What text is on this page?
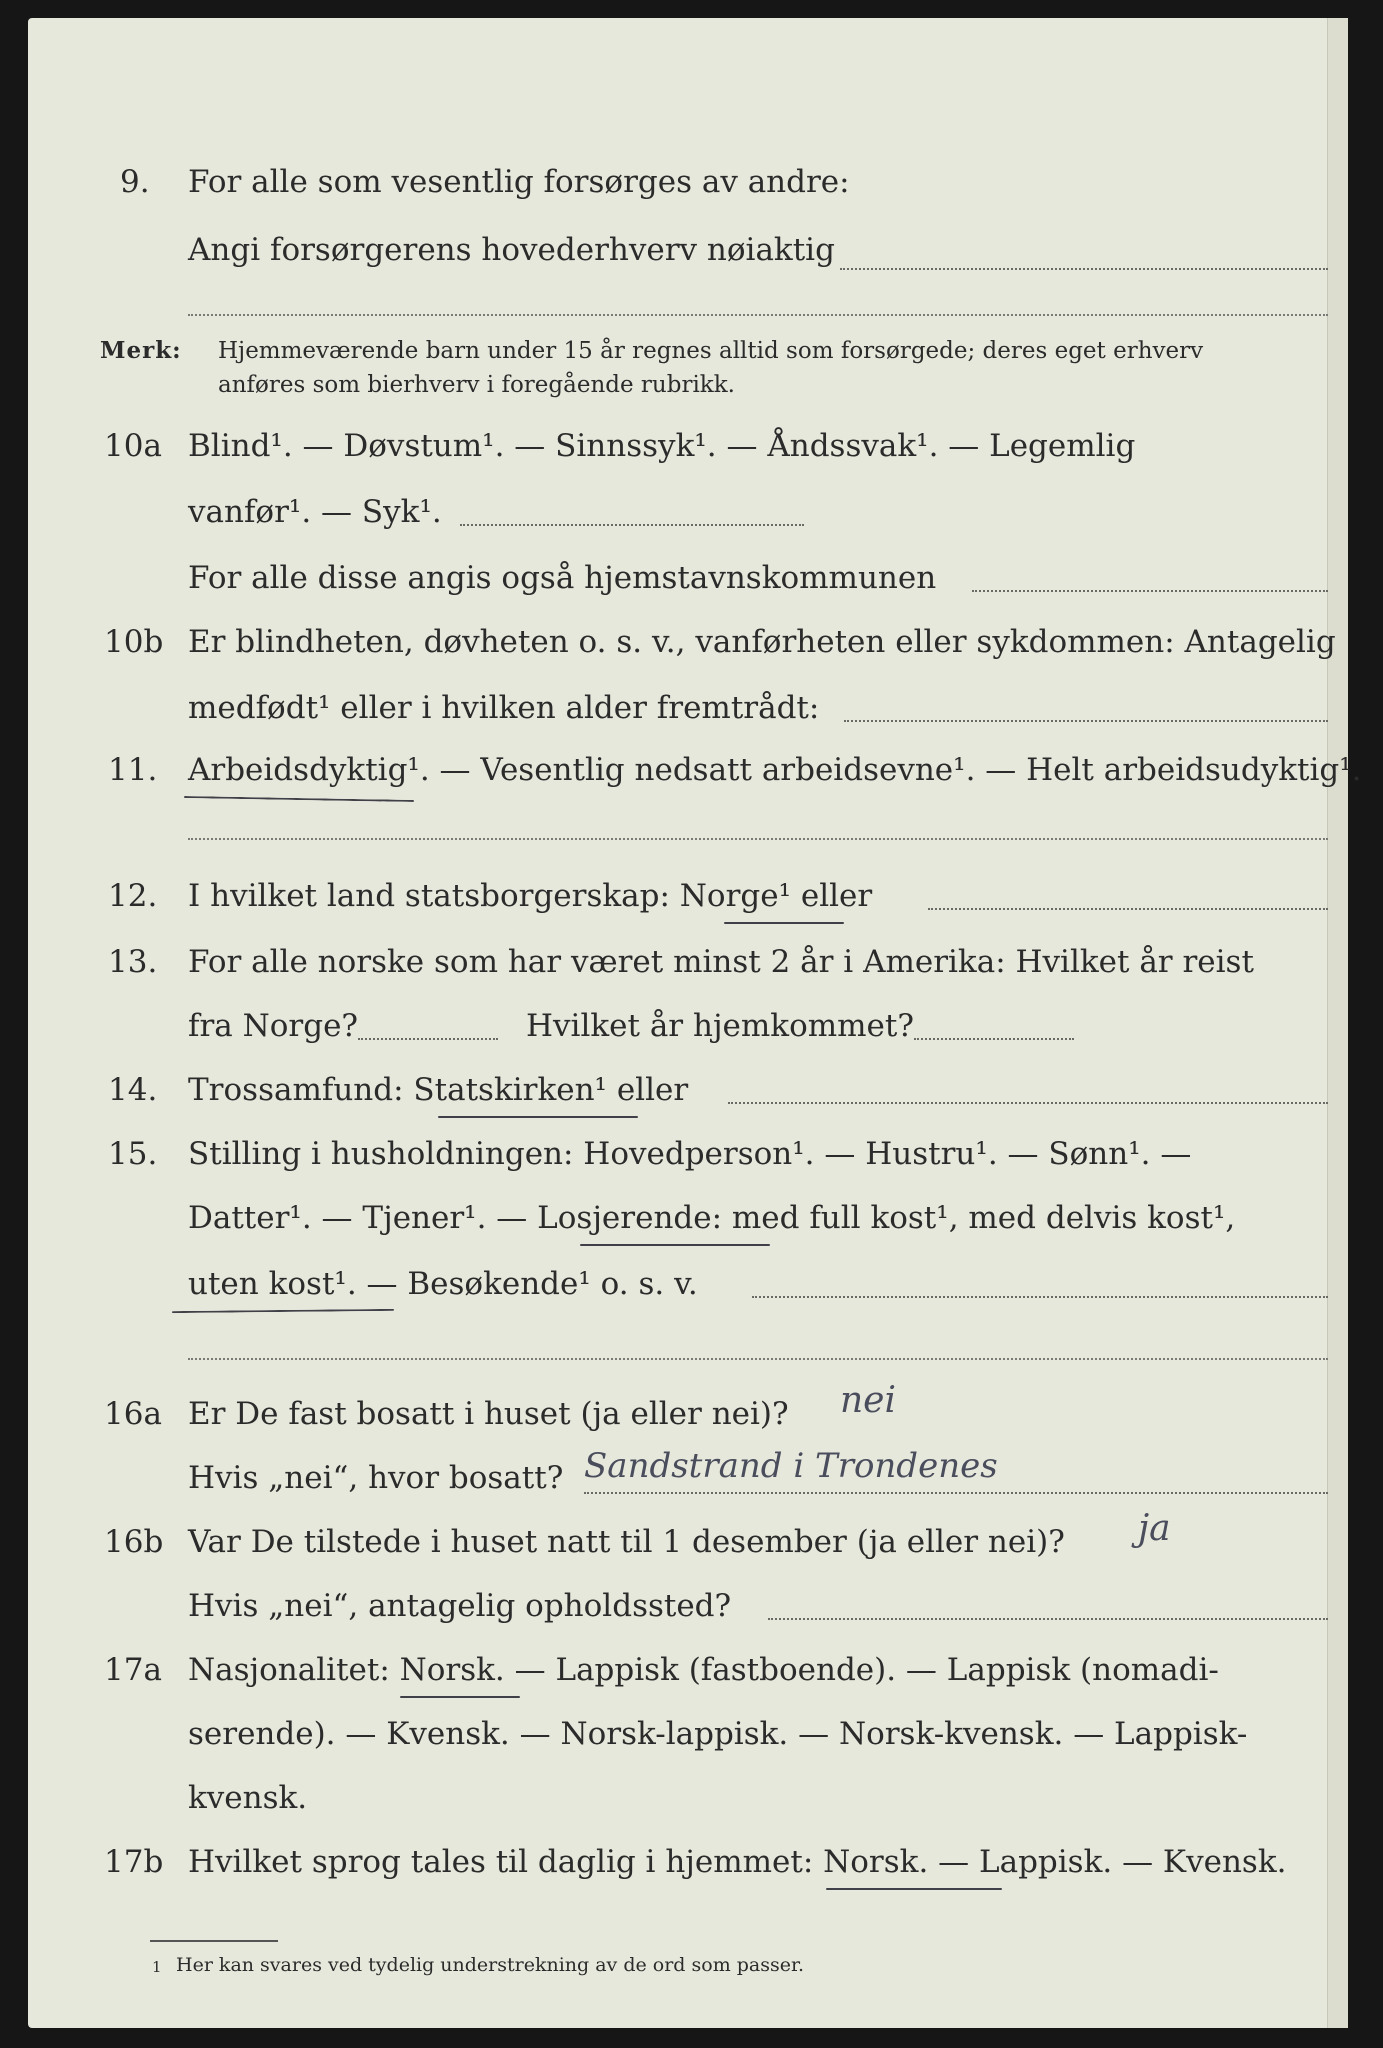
9. For alle som vesentlig forsørges av andre:
Angi forsørgerens hovederhverv nøiaktig
Merk: Hjemmeværende barn under 15 år regnes alltid som forsørgede; deres eget erhverv
anføres som bierhverv i foregående rubrikk.
10a Blind¹. — Døvstum¹. — Sinnssyk¹. — Åndssvak¹. — Legemlig
vanfør¹. — Syk¹.
For alle disse angis også hjemstavnskommunen
10b Er blindheten, døvheten o. s. v., vanførheten eller sykdommen: Antagelig
medfødt¹ eller i hvilken alder fremtrådt:
11. Arbeidsdyktig¹. — Vesentlig nedsatt arbeidsevne¹. — Helt arbeidsudyktig¹.
12. I hvilket land statsborgerskap: Norge¹ eller
13. For alle norske som har været minst 2 år i Amerika: Hvilket år reist
fra Norge?	Hvilket år hjemkommet?
14. Trossamfund: Statskirken¹ eller
15. Stilling i husholdningen: Hovedperson¹. — Hustru¹. — Sønn¹. —
Datter¹. — Tjener¹. — Losjerende: med full kost¹, med delvis kost¹,
uten kost¹. — Besøkende¹ o. s. v.
16a Er De fast bosatt i huset (ja eller nei)? nei
Hvis „nei“, hvor bosatt? Sandstrand i Trondenes
16b Var De tilstede i huset natt til 1 desember (ja eller nei)? ja
Hvis „nei“, antagelig opholdssted?
17a Nasjonalitet: Norsk. — Lappisk (fastboende). — Lappisk (nomadi-
serende). — Kvensk. — Norsk-lappisk. — Norsk-kvensk. — Lappisk-
kvensk.
17b Hvilket sprog tales til daglig i hjemmet: Norsk. — Lappisk. — Kvensk.
1 Her kan svares ved tydelig understrekning av de ord som passer.
